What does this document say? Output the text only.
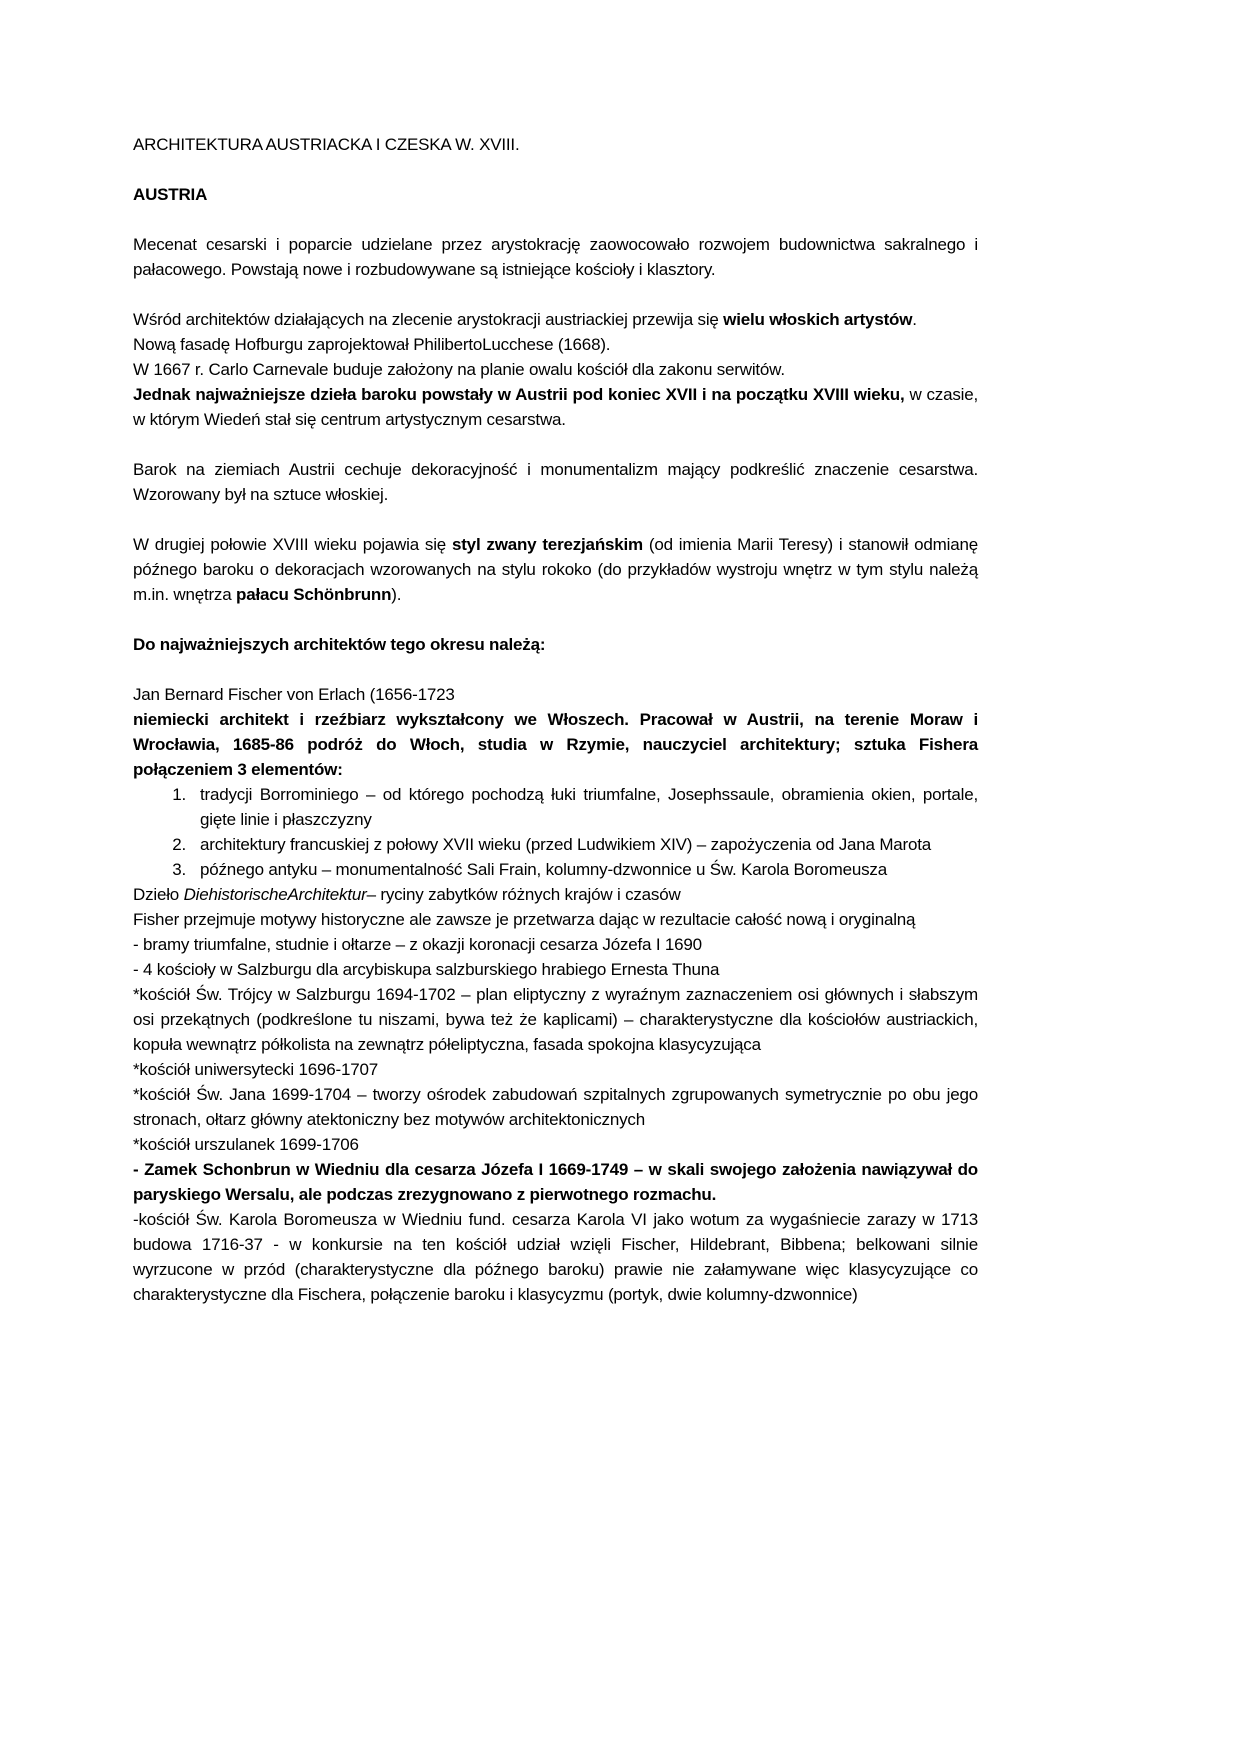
ARCHITEKTURA AUSTRIACKA I CZESKA W. XVIII.

AUSTRIA

Mecenat cesarski i poparcie udzielane przez arystokrację zaowocowało rozwojem budownictwa sakralnego i pałacowego. Powstają nowe i rozbudowywane są istniejące kościoły i klasztory.

Wśród architektów działających na zlecenie arystokracji austriackiej przewija się wielu włoskich artystów.

Nową fasadę Hofburgu zaprojektował PhilibertoLucchese (1668).

W 1667 r. Carlo Carnevale buduje założony na planie owalu kościół dla zakonu serwitów.

Jednak najważniejsze dzieła baroku powstały w Austrii pod koniec XVII i na początku XVIII wieku, w czasie, w którym Wiedeń stał się centrum artystycznym cesarstwa.

Barok na ziemiach Austrii cechuje dekoracyjność i monumentalizm mający podkreślić znaczenie cesarstwa. Wzorowany był na sztuce włoskiej.

W drugiej połowie XVIII wieku pojawia się styl zwany terezjańskim (od imienia Marii Teresy) i stanowił odmianę późnego baroku o dekoracjach wzorowanych na stylu rokoko (do przykładów wystroju wnętrz w tym stylu należą m.in. wnętrza pałacu Schönbrunn).

Do najważniejszych architektów tego okresu należą:

Jan Bernard Fischer von Erlach (1656-1723

niemiecki architekt i rzeźbiarz wykształcony we Włoszech. Pracował w Austrii, na terenie Moraw i Wrocławia, 1685-86 podróż do Włoch, studia w Rzymie, nauczyciel architektury; sztuka Fishera połączeniem 3 elementów:

1. tradycji Borrominiego – od którego pochodzą łuki triumfalne, Josephssaule, obramienia okien, portale, gięte linie i płaszczyzny
2. architektury francuskiej z połowy XVII wieku (przed Ludwikiem XIV) – zapożyczenia od Jana Marota
3. późnego antyku – monumentalność Sali Frain, kolumny-dzwonnice u Św. Karola Boromeusza

Dzieło DiehistorischeArchitektur– ryciny zabytków różnych krajów i czasów

Fisher przejmuje motywy historyczne ale zawsze je przetwarza dając w rezultacie całość nową i oryginalną

- bramy triumfalne, studnie i ołtarze – z okazji koronacji cesarza Józefa I 1690

- 4 kościoły w Salzburgu dla arcybiskupa salzburskiego hrabiego Ernesta Thuna

*kościół Św. Trójcy w Salzburgu 1694-1702 – plan eliptyczny z wyraźnym zaznaczeniem osi głównych i słabszym osi przekątnych (podkreślone tu niszami, bywa też że kaplicami) – charakterystyczne dla kościołów austriackich, kopuła wewnątrz półkolista na zewnątrz półeliptyczna, fasada spokojna klasycyzująca

*kościół uniwersytecki 1696-1707

*kościół Św. Jana 1699-1704 – tworzy ośrodek zabudowań szpitalnych zgrupowanych symetrycznie po obu jego stronach, ołtarz główny atektoniczny bez motywów architektonicznych

*kościół urszulanek 1699-1706

- Zamek Schonbrun w Wiedniu dla cesarza Józefa I 1669-1749 – w skali swojego założenia nawiązywał do paryskiego Wersalu, ale podczas zrezygnowano z pierwotnego rozmachu.

-kościół Św. Karola Boromeusza w Wiedniu fund. cesarza Karola VI jako wotum za wygaśniecie zarazy w 1713 budowa 1716-37 - w konkursie na ten kościół udział wzięli Fischer, Hildebrant, Bibbena; belkowani silnie wyrzucone w przód (charakterystyczne dla późnego baroku) prawie nie załamywane więc klasycyzujące co charakterystyczne dla Fischera, połączenie baroku i klasycyzmu (portyk, dwie kolumny-dzwonnice)
